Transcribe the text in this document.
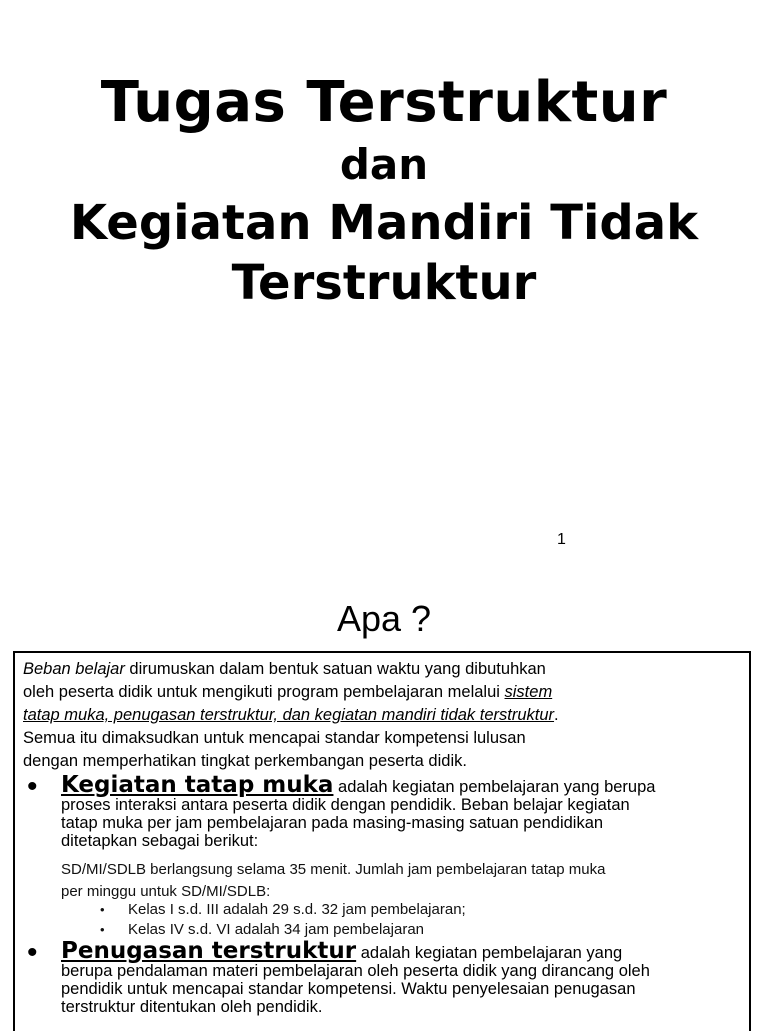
Tugas Terstruktur
dan
Kegiatan Mandiri Tidak
Terstruktur
1
Apa ?
Beban belajar dirumuskan dalam bentuk satuan waktu yang dibutuhkan
oleh peserta didik untuk mengikuti program pembelajaran melalui sistem
tatap muka, penugasan terstruktur, dan kegiatan mandiri tidak terstruktur.
Semua itu dimaksudkan untuk mencapai standar kompetensi lulusan
dengan memperhatikan tingkat perkembangan peserta didik.
• Kegiatan tatap muka adalah kegiatan pembelajaran yang berupa
proses interaksi antara peserta didik dengan pendidik. Beban belajar kegiatan
tatap muka per jam pembelajaran pada masing-masing satuan pendidikan
ditetapkan sebagai berikut:
SD/MI/SDLB berlangsung selama 35 menit. Jumlah jam pembelajaran tatap muka
per minggu untuk SD/MI/SDLB:
• Kelas I s.d. III adalah 29 s.d. 32 jam pembelajaran;
• Kelas IV s.d. VI adalah 34 jam pembelajaran
• Penugasan terstruktur adalah kegiatan pembelajaran yang
berupa pendalaman materi pembelajaran oleh peserta didik yang dirancang oleh
pendidik untuk mencapai standar kompetensi. Waktu penyelesaian penugasan
terstruktur ditentukan oleh pendidik.
